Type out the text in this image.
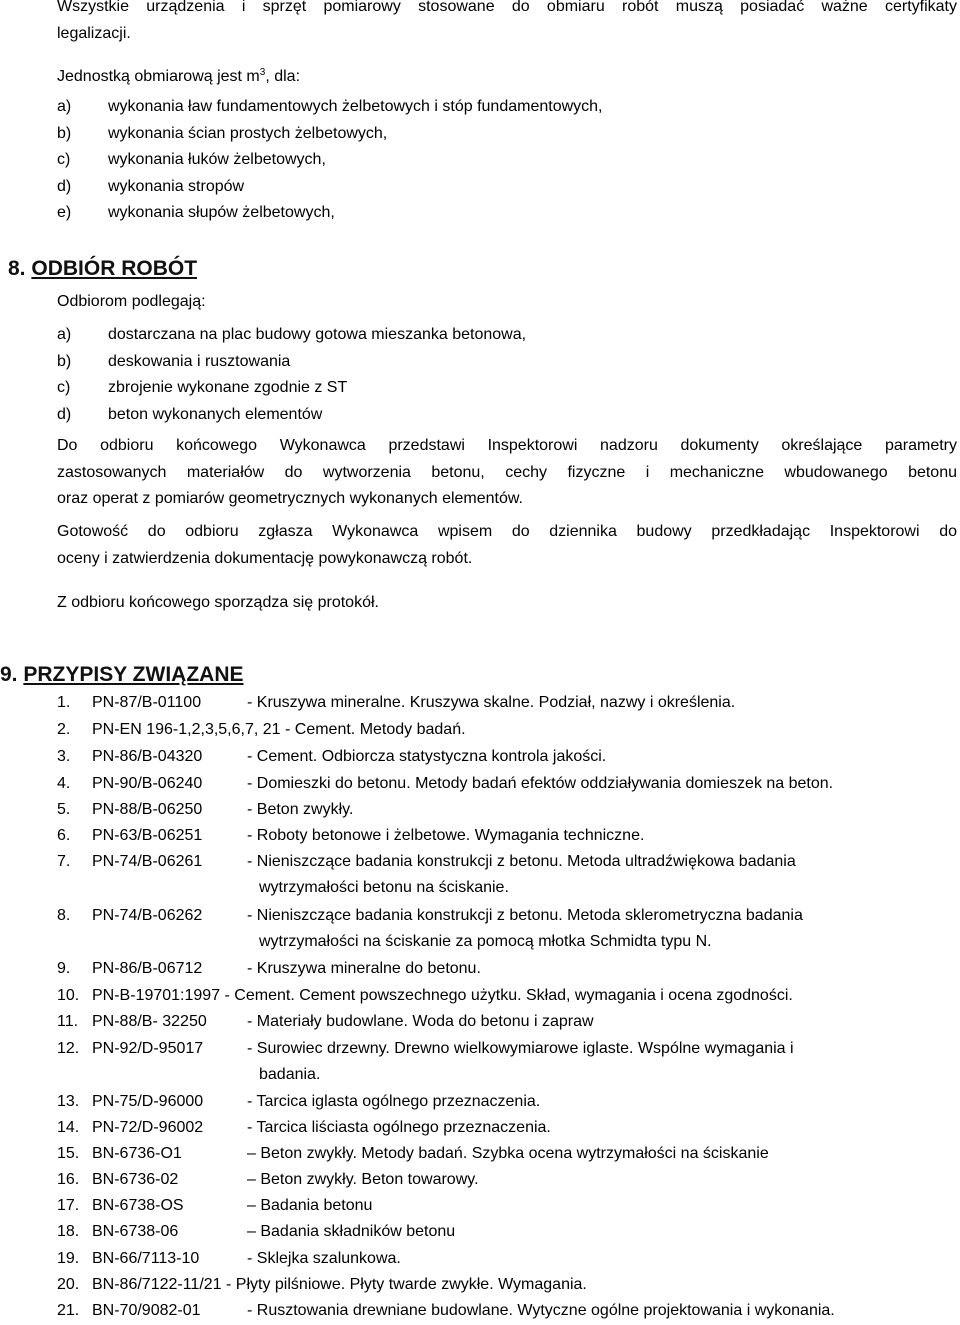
Wszystkie urządzenia i sprzęt pomiarowy stosowane do obmiaru robót muszą posiadać ważne certyfikaty
legalizacji.
Jednostką obmiarową jest $m^3$, dla:
a) wykonania ław fundamentowych żelbetowych i stóp fundamentowych,
b) wykonania ścian prostych żelbetowych,
c) wykonania łuków żelbetowych,
d) wykonania stropów
e) wykonania słupów żelbetowych,
8. ODBIÓR ROBÓT
Odbiorom podlegają:
a) dostarczana na plac budowy gotowa mieszanka betonowa,
b) deskowania i rusztowania
c) zbrojenie wykonane zgodnie z ST
d) beton wykonanych elementów
Do odbioru końcowego Wykonawca przedstawi Inspektorowi nadzoru dokumenty określające parametry
zastosowanych materiałów do wytworzenia betonu, cechy fizyczne i mechaniczne wbudowanego betonu
oraz operat z pomiarów geometrycznych wykonanych elementów.
Gotowość do odbioru zgłasza Wykonawca wpisem do dziennika budowy przedkładając Inspektorowi do
oceny i zatwierdzenia dokumentację powykonawczą robót.
Z odbioru końcowego sporządza się protokół.
9. PRZYPISY ZWIĄZANE
1.	PN-87/B-01100	- Kruszywa mineralne. Kruszywa skalne. Podział, nazwy i określenia.
2.	PN-EN 196-1,2,3,5,6,7, 21 - Cement. Metody badań.
3.	PN-86/B-04320	- Cement. Odbiorcza statystyczna kontrola jakości.
4.	PN-90/B-06240	- Domieszki do betonu. Metody badań efektów oddziaływania domieszek na beton.
5.	PN-88/B-06250	- Beton zwykły.
6.	PN-63/B-06251	- Roboty betonowe i żelbetowe. Wymagania techniczne.
7.	PN-74/B-06261	- Nieniszczące badania konstrukcji z betonu. Metoda ultradźwiękowa badania
wytrzymałości betonu na ściskanie.
8.	PN-74/B-06262	- Nieniszczące badania konstrukcji z betonu. Metoda sklerometryczna badania
wytrzymałości na ściskanie za pomocą młotka Schmidta typu N.
9.	PN-86/B-06712	- Kruszywa mineralne do betonu.
10. PN-B-19701:1997 - Cement. Cement powszechnego użytku. Skład, wymagania i ocena zgodności.
11. PN-88/B- 32250	- Materiały budowlane. Woda do betonu i zapraw
12. PN-92/D-95017	- Surowiec drzewny. Drewno wielkowymiarowe iglaste. Wspólne wymagania i
badania.
13. PN-75/D-96000	- Tarcica iglasta ogólnego przeznaczenia.
14. PN-72/D-96002	- Tarcica liściasta ogólnego przeznaczenia.
15. BN-6736-O1	– Beton zwykły. Metody badań. Szybka ocena wytrzymałości na ściskanie
16. BN-6736-02	– Beton zwykły. Beton towarowy.
17. BN-6738-OS	– Badania betonu
18. BN-6738-06	– Badania składników betonu
19. BN-66/7113-10	- Sklejka szalunkowa.
20. BN-86/7122-11/21 - Płyty pilśniowe. Płyty twarde zwykłe. Wymagania.
21. BN-70/9082-01	- Rusztowania drewniane budowlane. Wytyczne ogólne projektowania i wykonania.
